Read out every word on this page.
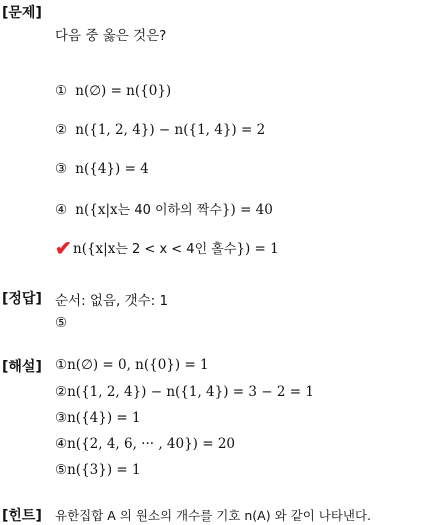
[문제]
다음 중 옳은 것은?
① n(∅) = n({0})
② n({1, 2, 4}) − n({1, 4}) = 2
③ n({4}) = 4
④ n({x|x는 40 이하의 짝수}) = 40
✔n({x|x는 2 < x < 4인 홀수}) = 1
[정답] 순서: 없음, 갯수: 1
⑤
[해설] ①n(∅) = 0, n({0}) = 1
②n({1, 2, 4}) − n({1, 4}) = 3 − 2 = 1
③n({4}) = 1
④n({2, 4, 6, ··· , 40}) = 20
⑤n({3}) = 1
[힌트] 유한집합 A 의 원소의 개수를 기호 n(A) 와 같이 나타낸다.
